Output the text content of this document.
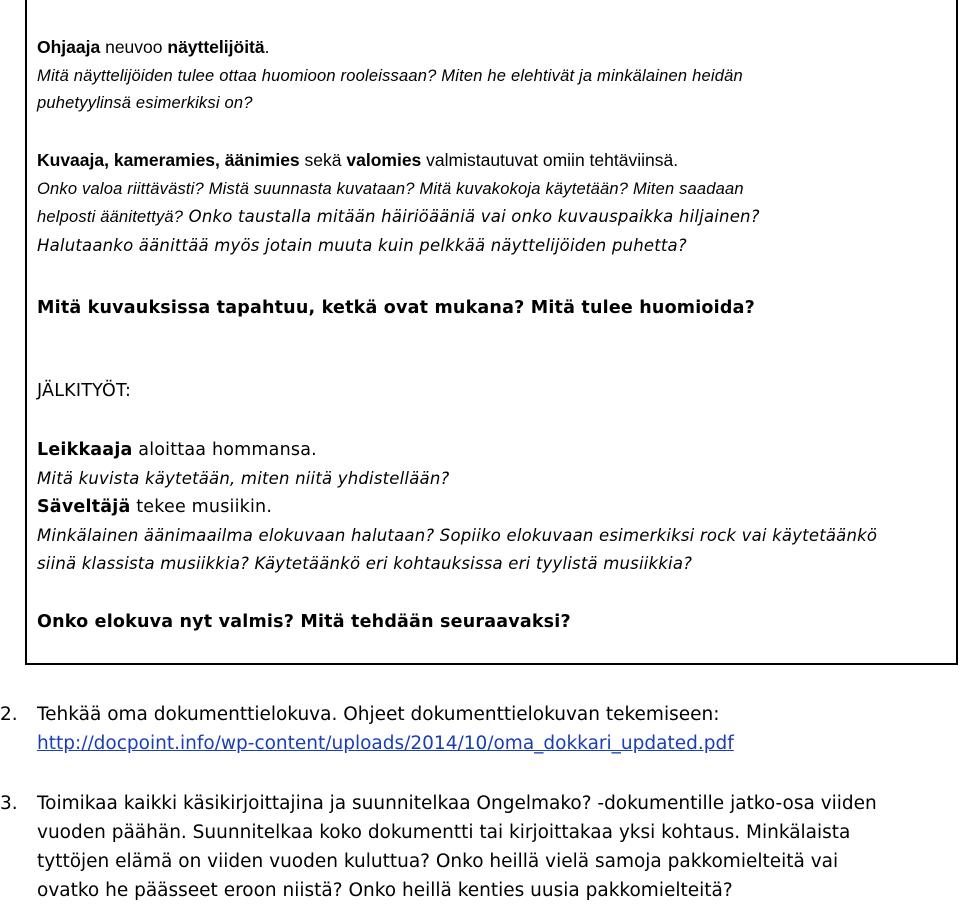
Ohjaaja neuvoo näyttelijöitä.
Mitä näyttelijöiden tulee ottaa huomioon rooleissaan? Miten he elehtivät ja minkälainen heidän
puhetyylinsä esimerkiksi on?
Kuvaaja, kameramies, äänimies sekä valomies valmistautuvat omiin tehtäviinsä.
Onko valoa riittävästi? Mistä suunnasta kuvataan? Mitä kuvakokoja käytetään? Miten saadaan
helposti äänitettyä? Onko taustalla mitään häiriöääniä vai onko kuvauspaikka hiljainen?
Halutaanko äänittää myös jotain muuta kuin pelkkää näyttelijöiden puhetta?
Mitä kuvauksissa tapahtuu, ketkä ovat mukana? Mitä tulee huomioida?
JÄLKITYÖT:
Leikkaaja aloittaa hommansa.
Mitä kuvista käytetään, miten niitä yhdistellään?
Säveltäjä tekee musiikin.
Minkälainen äänimaailma elokuvaan halutaan? Sopiiko elokuvaan esimerkiksi rock vai käytetäänkö
siinä klassista musiikkia? Käytetäänkö eri kohtauksissa eri tyylistä musiikkia?
Onko elokuva nyt valmis? Mitä tehdään seuraavaksi?
2. Tehkää oma dokumenttielokuva. Ohjeet dokumenttielokuvan tekemiseen:
http://docpoint.info/wp-content/uploads/2014/10/oma_dokkari_updated.pdf
3. Toimikaa kaikki käsikirjoittajina ja suunnitelkaa Ongelmako? -dokumentille jatko-osa viiden
vuoden päähän. Suunnitelkaa koko dokumentti tai kirjoittakaa yksi kohtaus. Minkälaista
tyttöjen elämä on viiden vuoden kuluttua? Onko heillä vielä samoja pakkomielteitä vai
ovatko he päässeet eroon niistä? Onko heillä kenties uusia pakkomielteitä?
